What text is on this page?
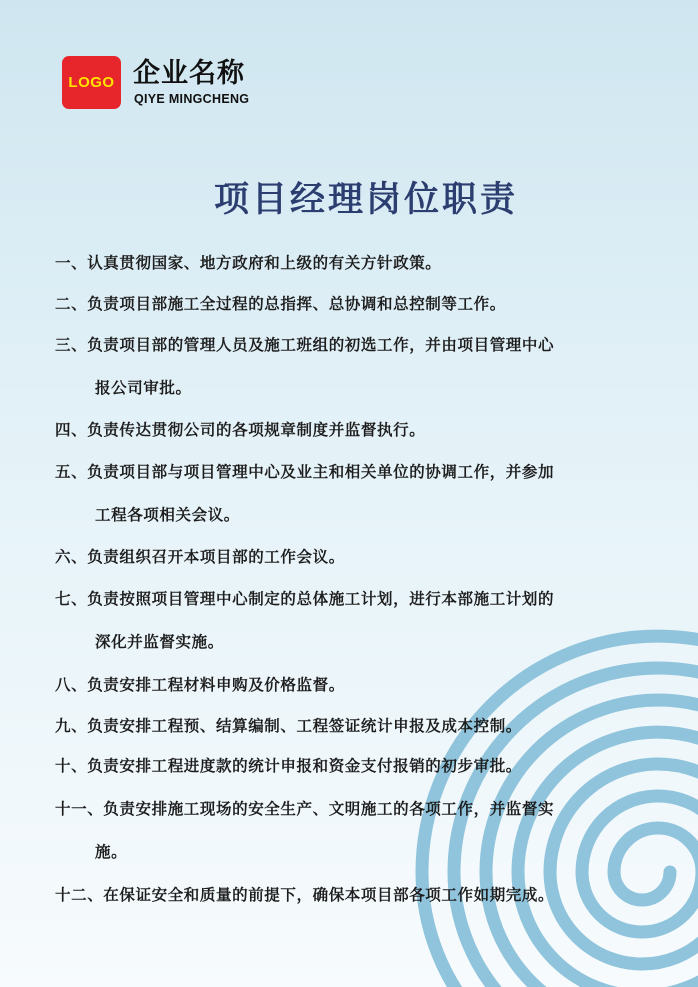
LOGO 企业名称
QIYE MINGCHENG
项目经理岗位职责
一、认真贯彻国家、地方政府和上级的有关方针政策。
二、负责项目部施工全过程的总指挥、总协调和总控制等工作。
三、负责项目部的管理人员及施工班组的初选工作，并由项目管理中心
报公司审批。
四、负责传达贯彻公司的各项规章制度并监督执行。
五、负责项目部与项目管理中心及业主和相关单位的协调工作，并参加
工程各项相关会议。
六、负责组织召开本项目部的工作会议。
七、负责按照项目管理中心制定的总体施工计划，进行本部施工计划的
深化并监督实施。
八、负责安排工程材料申购及价格监督。
九、负责安排工程预、结算编制、工程签证统计申报及成本控制。
十、负责安排工程进度款的统计申报和资金支付报销的初步审批。
十一、负责安排施工现场的安全生产、文明施工的各项工作，并监督实
施。
十二、在保证安全和质量的前提下，确保本项目部各项工作如期完成。
